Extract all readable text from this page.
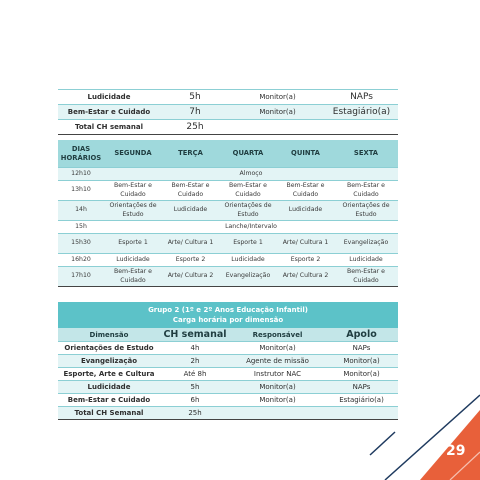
Ludicidade	5h	Monitor(a)	NAPs
Bem-Estar e Cuidado	7h	Monitor(a)	Estagiário(a)
Total CH semanal	25h		
DIAS
HORÁRIOS	SEGUNDA	TERÇA	QUARTA	QUINTA	SEXTA
12h10	Almoço				
13h10	Bem-Estar e Cuidado	Bem-Estar e Cuidado	Bem-Estar e Cuidado	Bem-Estar e Cuidado	Bem-Estar e Cuidado
14h	Orientações de Estudo	Ludicidade	Orientações de Estudo	Ludicidade	Orientações de Estudo
15h	Lanche/Intervalo				
15h30	Esporte 1	Arte/ Cultura 1	Esporte 1	Arte/ Cultura 1	Evangelização
16h20	Ludicidade	Esporte 2	Ludicidade	Esporte 2	Ludicidade
17h10	Bem-Estar e Cuidado	Arte/ Cultura 2	Evangelização	Arte/ Cultura 2	Bem-Estar e Cuidado
Grupo 2 (1º e 2º Anos Educação Infantil)
Carga horária por dimensão			
Dimensão	CH semanal	Responsável	Apolo
Orientações de Estudo	4h	Monitor(a)	NAPs
Evangelização	2h	Agente de missão	Monitor(a)
Esporte, Arte e Cultura	Até 8h	Instrutor NAC	Monitor(a)
Ludicidade	5h	Monitor(a)	NAPs
Bem-Estar e Cuidado	6h	Monitor(a)	Estagiário(a)
Total CH Semanal	25h		
29
